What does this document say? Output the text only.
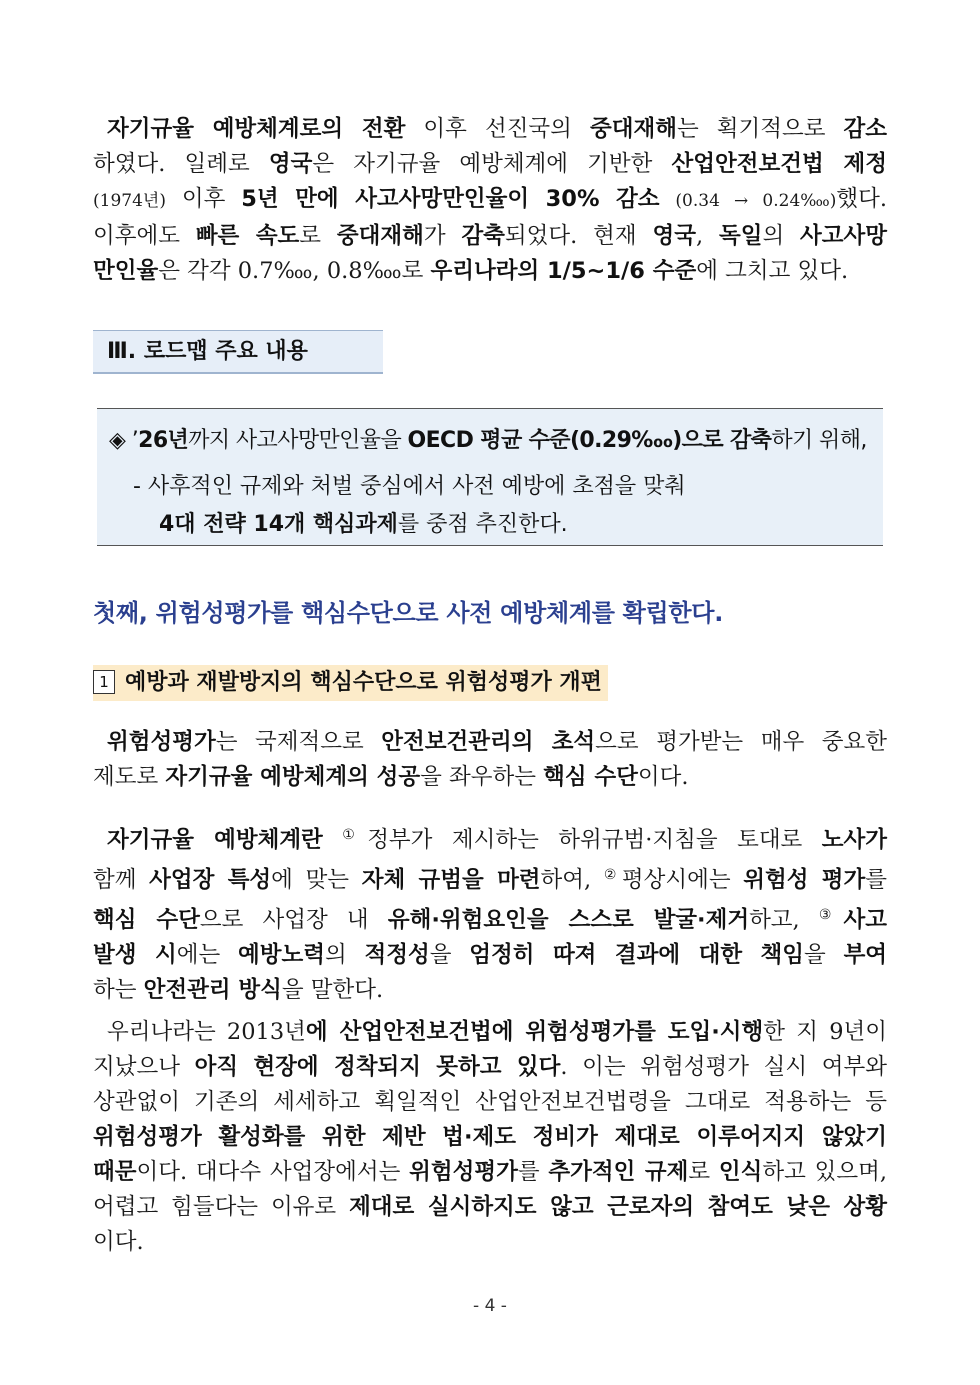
자기규율 예방체계로의 전환 이후 선진국의 중대재해는 획기적으로 감소
하였다. 일례로 영국은 자기규율 예방체계에 기반한 산업안전보건법 제정
(1974년) 이후 5년 만에 사고사망만인율이 30% 감소 (0.34 → 0.24‱)했다.
이후에도 빠른 속도로 중대재해가 감축되었다. 현재 영국, 독일의 사고사망
만인율은 각각 0.7‱, 0.8‱로 우리나라의 1/5~1/6 수준에 그치고 있다.
Ⅲ. 로드맵 주요 내용
◈ ’26년까지 사고사망만인율을 OECD 평균 수준(0.29‱)으로 감축하기 위해,
- 사후적인 규제와 처벌 중심에서 사전 예방에 초점을 맞춰
4대 전략 14개 핵심과제를 중점 추진한다.
첫째, 위험성평가를 핵심수단으로 사전 예방체계를 확립한다.
1 예방과 재발방지의 핵심수단으로 위험성평가 개편
위험성평가는 국제적으로 안전보건관리의 초석으로 평가받는 매우 중요한
제도로 자기규율 예방체계의 성공을 좌우하는 핵심 수단이다.
자기규율 예방체계란 ①정부가 제시하는 하위규범·지침을 토대로 노사가
함께 사업장 특성에 맞는 자체 규범을 마련하여, ②평상시에는 위험성 평가를
핵심 수단으로 사업장 내 유해·위험요인을 스스로 발굴·제거하고, ③사고
발생 시에는 예방노력의 적정성을 엄정히 따져 결과에 대한 책임을 부여
하는 안전관리 방식을 말한다.
우리나라는 2013년에 산업안전보건법에 위험성평가를 도입·시행한 지 9년이
지났으나 아직 현장에 정착되지 못하고 있다. 이는 위험성평가 실시 여부와
상관없이 기존의 세세하고 획일적인 산업안전보건법령을 그대로 적용하는 등
위험성평가 활성화를 위한 제반 법·제도 정비가 제대로 이루어지지 않았기
때문이다. 대다수 사업장에서는 위험성평가를 추가적인 규제로 인식하고 있으며,
어렵고 힘들다는 이유로 제대로 실시하지도 않고 근로자의 참여도 낮은 상황
이다.
- 4 -
